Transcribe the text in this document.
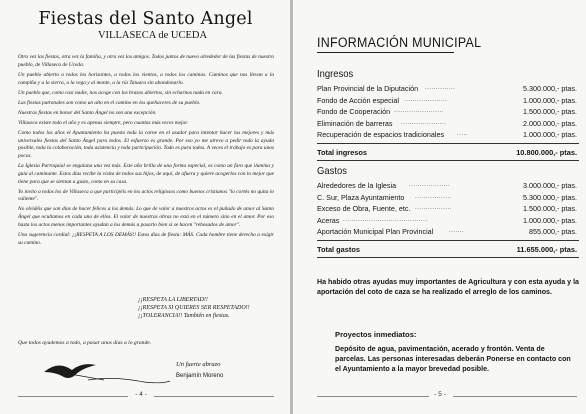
Fiestas del Santo Angel
VILLASECA de UCEDA

Otra vez las fiestas, otra vez la familia, y otra vez los amigos. Todos juntos de nuevo alrededor de las fiestas de nuestro pueblo, de Villaseca de Uceda.

Un pueblo abierto a todos los horizontes, a todos los vientos, a todos los caminos. Caminos que nos llevan a la campiña y a la sierra, a la vega y al monte, a la ría Tatuara sin abandonarlo.

Un pueblo que, como casi nadie, nos acoge con los brazos abiertos, sin echarnos nada en cara.

Las fiestas patronales son como un alto en el camino en los quehaceres de su pueblo.

Nuestras fiestas en honor del Santo Ángel no son una excepción.

Villaseca existe todo el año y es apenas siempre, pero cuantas más veces mejor.

Como todos los años el Ayuntamiento ha puesto toda la carne en el asador para intentar hacer las mejores y más universales fiestas del Santo Ángel para todos. El esfuerzo es grande. Por eso yo me atrevo a pedir toda la ayuda posible, toda la colaboración, toda asistencia y toda participación. Todo es para todos. A veces el trabajo es para unos pocos.

La Iglesia Parroquial se engalana una vez más. Este año brilla de una forma especial, es como un faro que ilumina y guía al caminante. Estos días recibe la visita de todos sus hijos, de aquí, de afuera y quiere acogerlos con lo mejor que tiene para que se sientan a gusto, como en su casa.

Yo invito a todos los de Villaseca a que participéis en los actos religiosos como buenos cristianos "lo cortés no quita lo valiente".

No olvidéis que son días de hacer felices a los demás. Lo que de valor a nuestros actos es el puñado de amor al Santo Ángel que ocultamos en cada uno de ellos. El valor de nuestras obras no está en el número sino en el amor. Por eso hasta los actos menos importantes ayudan a los demás a pasarlo bien si se hacen "rebosados de amor".

Una sugerencia cordial: ¡¡RESPETA A LOS DEMÁS!! Estos días de fiesta: MÁS. Cada hombre tiene derecho a exigir su camino.

¡¡RESPETA LA LIBERTAD!!
¡¡RESPETA SI QUIERES SER RESPETADO!!
¡¡TOLERANCIA!! También en fiestas.
Que todos ayudemos a todo, a pasar unos días a lo grande.
Un fuerte abrazo
Benjamín Moreno
- 4 -
INFORMACIÓN MUNICIPAL
Ingresos
Plan Provincial de la Diputación ..............	5.300.000,- ptas.
Fondo de Acción especial ....................	1.000.000,- ptas.
Fondo de Cooperación .......................	1.500.000,- ptas.
Eliminación de barreras .....................	2.000.000,- ptas.
Recuperación de espacios tradicionales .....	1.000.000,- ptas.
Total ingresos	10.800.000,- ptas.
Gastos
Alrededores de la Iglesia ...................	3.000.000,- ptas.
C. Sur, Plaza Ayuntamiento .................	5.300.000,- ptas.
Exceso de Obra, Fuente, etc. .................	1.500.000,- ptas.
Aceras .......................................	1.000.000,- ptas.
Aportación Municipal Plan Provincial	.......	855.000,- ptas.
Total gastos	11.655.000,- ptas.
Ha habido otras ayudas muy importantes de Agricultura y con esta ayuda y la aportación del coto de caza se ha realizado el arreglo de los caminos.
Proyectos inmediatos:
Depósito de agua, pavimentación, acerado y frontón. Venta de parcelas. Las personas interesadas deberán Ponerse en contacto con el Ayuntamiento a la mayor brevedad posible.
- 5 -
